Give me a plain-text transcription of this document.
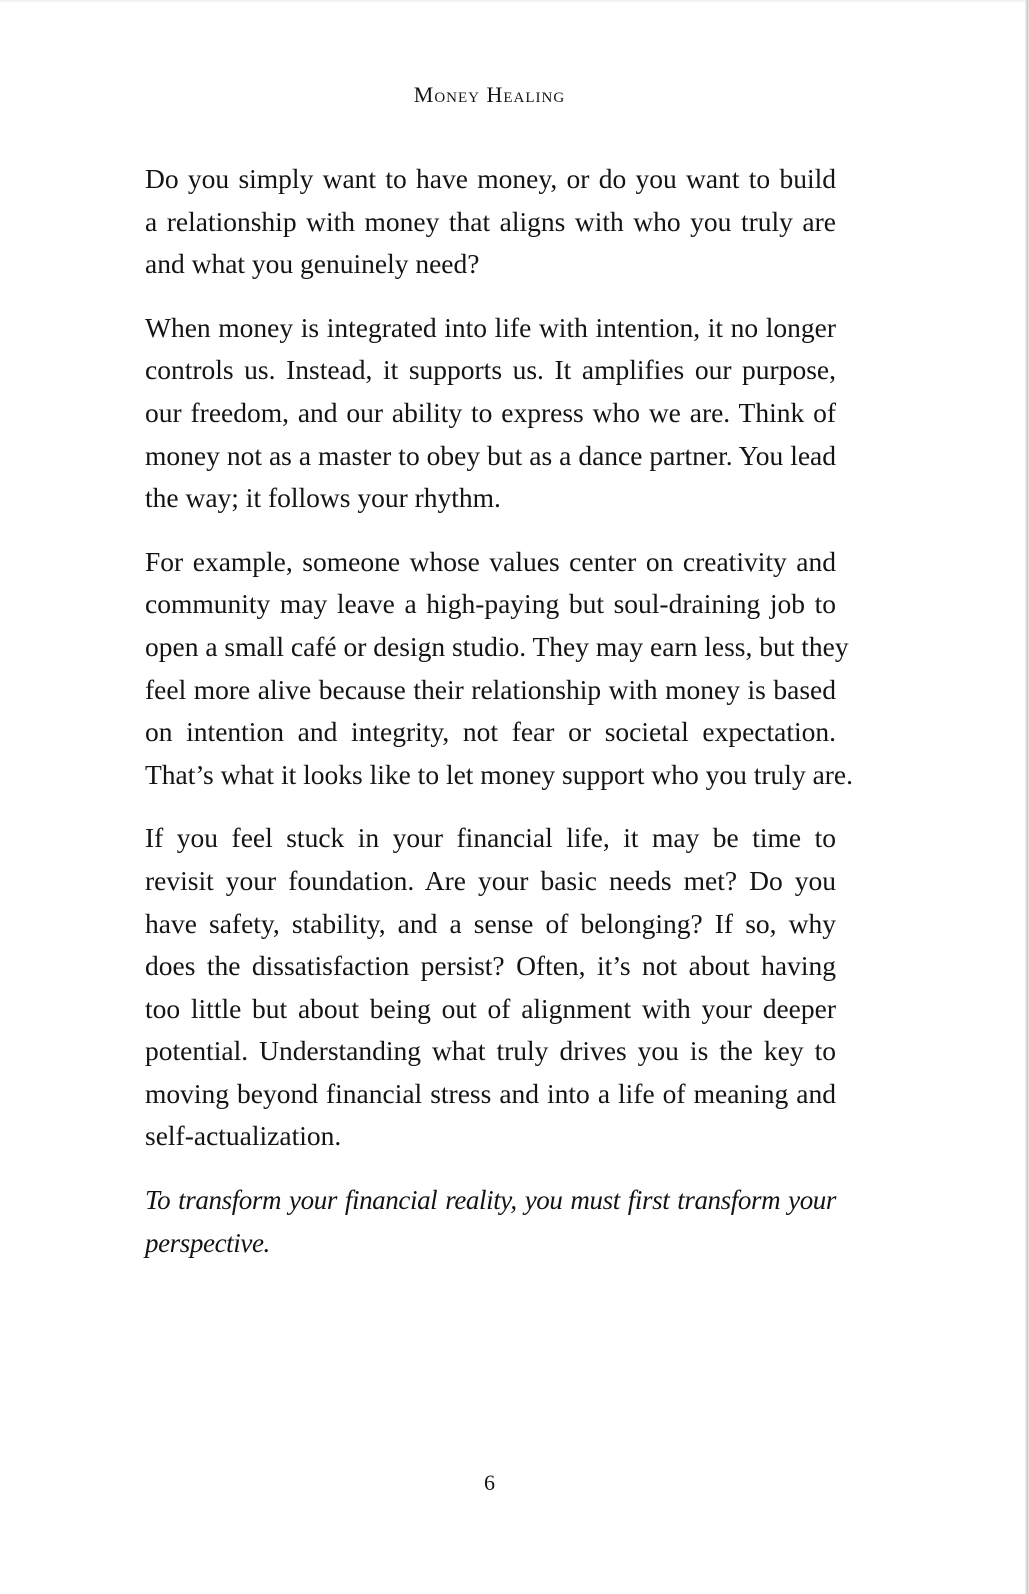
Money Healing

Do you simply want to have money, or do you want to build
a relationship with money that aligns with who you truly are
and what you genuinely need?

When money is integrated into life with intention, it no longer
controls us. Instead, it supports us. It amplifies our purpose,
our freedom, and our ability to express who we are. Think of
money not as a master to obey but as a dance partner. You lead
the way; it follows your rhythm.

For example, someone whose values center on creativity and
community may leave a high-paying but soul-draining job to
open a small café or design studio. They may earn less, but they
feel more alive because their relationship with money is based
on intention and integrity, not fear or societal expectation.
That’s what it looks like to let money support who you truly are.

If you feel stuck in your financial life, it may be time to
revisit your foundation. Are your basic needs met? Do you
have safety, stability, and a sense of belonging? If so, why
does the dissatisfaction persist? Often, it’s not about having
too little but about being out of alignment with your deeper
potential. Understanding what truly drives you is the key to
moving beyond financial stress and into a life of meaning and
self-actualization.

To transform your financial reality, you must first transform your
perspective.

6
